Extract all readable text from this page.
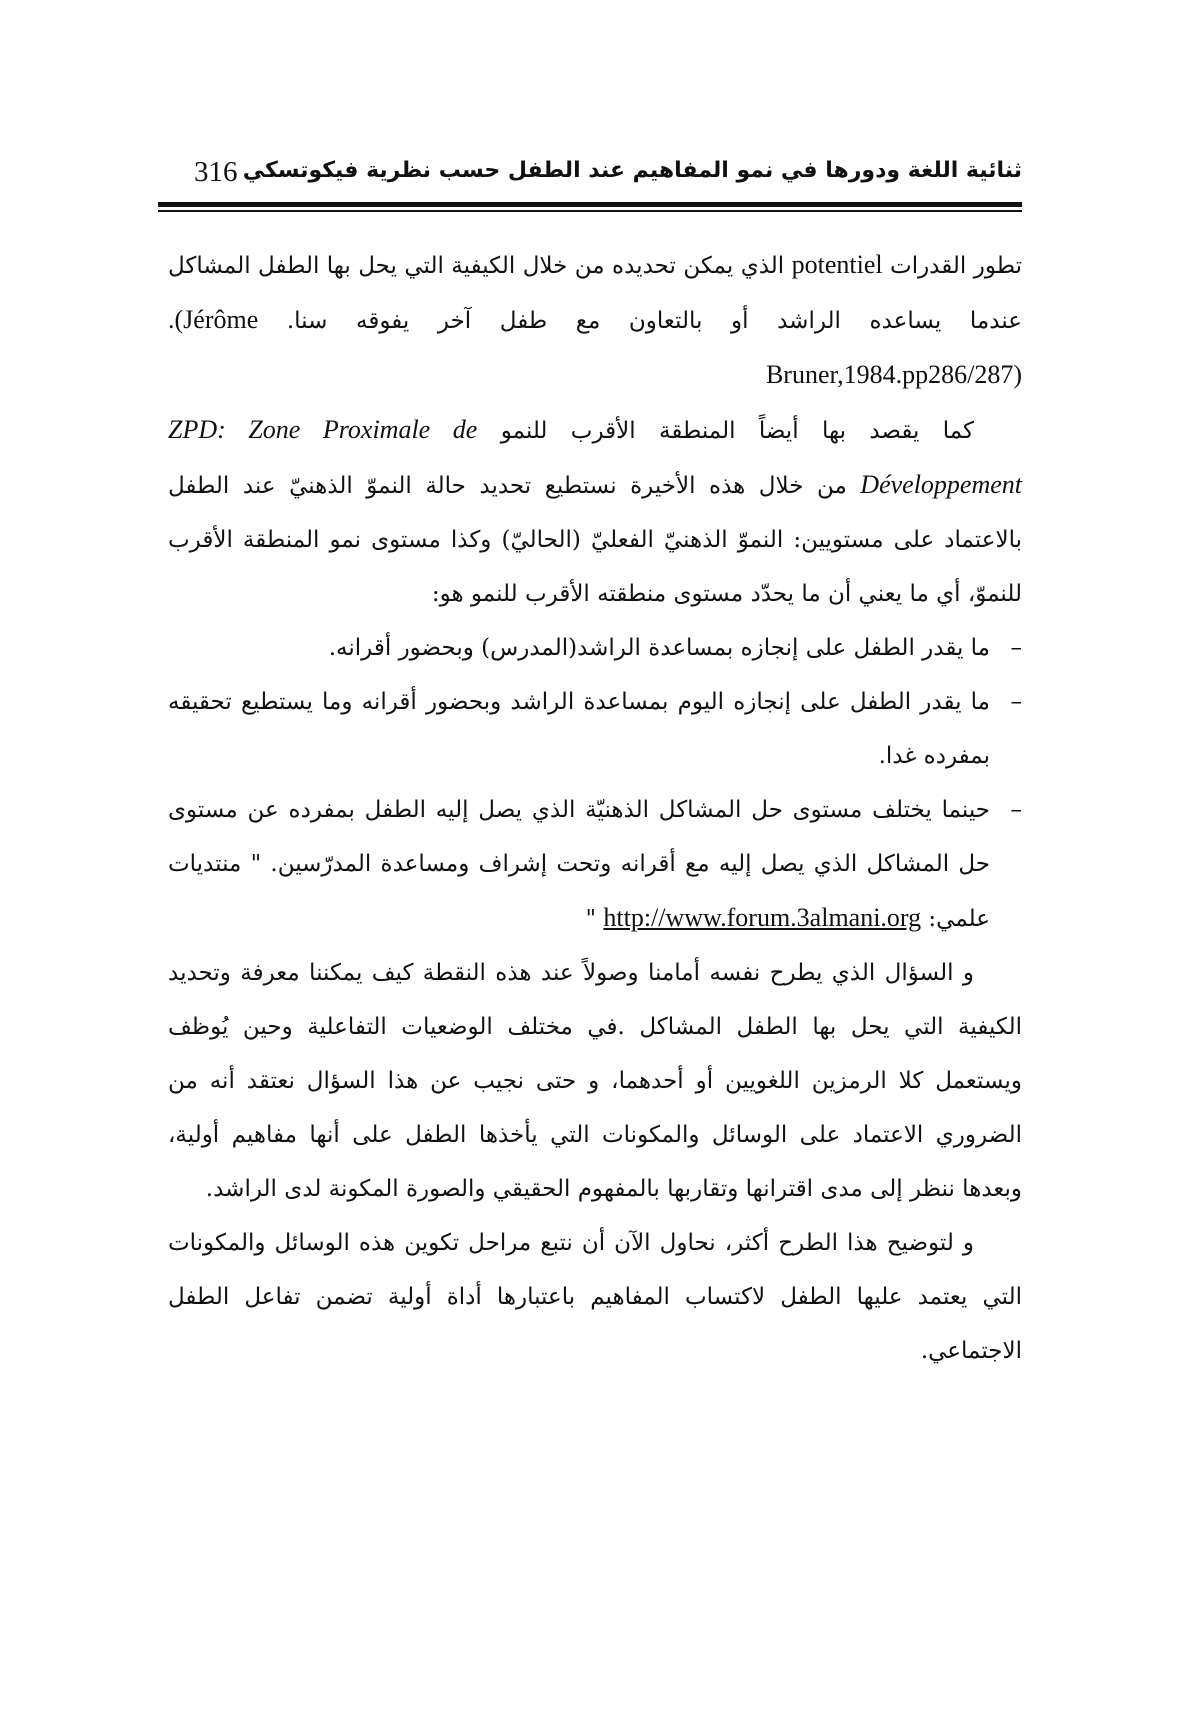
316 ثنائية اللغة ودورها في نمو المفاهيم عند الطفل حسب نظرية فيكوتسكي

تطور القدرات potentiel الذي يمكن تحديده من خلال الكيفية التي يحل بها الطفل المشاكل عندما يساعده الراشد أو بالتعاون مع طفل آخر يفوقه سنا. .(Jérôme Bruner,1984.pp286/287)

كما يقصد بها أيضاً المنطقة الأقرب للنمو ZPD: Zone Proximale de Développement من خلال هذه الأخيرة نستطيع تحديد حالة النموّ الذهنيّ عند الطفل بالاعتماد على مستويين: النموّ الذهنيّ الفعليّ (الحاليّ) وكذا مستوى نمو المنطقة الأقرب للنموّ، أي ما يعني أن ما يحدّد مستوى منطقته الأقرب للنمو هو:

– ما يقدر الطفل على إنجازه بمساعدة الراشد(المدرس) وبحضور أقرانه.
– ما يقدر الطفل على إنجازه اليوم بمساعدة الراشد وبحضور أقرانه وما يستطيع تحقيقه بمفرده غدا.
– حينما يختلف مستوى حل المشاكل الذهنيّة الذي يصل إليه الطفل بمفرده عن مستوى حل المشاكل الذي يصل إليه مع أقرانه وتحت إشراف ومساعدة المدرّسين. " منتديات علمي: http://www.forum.3almani.org "

و السؤال الذي يطرح نفسه أمامنا وصولاً عند هذه النقطة كيف يمكننا معرفة وتحديد الكيفية التي يحل بها الطفل المشاكل .في مختلف الوضعيات التفاعلية وحين يُوظف ويستعمل كلا الرمزين اللغويين أو أحدهما، و حتى نجيب عن هذا السؤال نعتقد أنه من الضروري الاعتماد على الوسائل والمكونات التي يأخذها الطفل على أنها مفاهيم أولية، وبعدها ننظر إلى مدى اقترانها وتقاربها بالمفهوم الحقيقي والصورة المكونة لدى الراشد.

و لتوضيح هذا الطرح أكثر، نحاول الآن أن نتبع مراحل تكوين هذه الوسائل والمكونات التي يعتمد عليها الطفل لاكتساب المفاهيم باعتبارها أداة أولية تضمن تفاعل الطفل الاجتماعي.
